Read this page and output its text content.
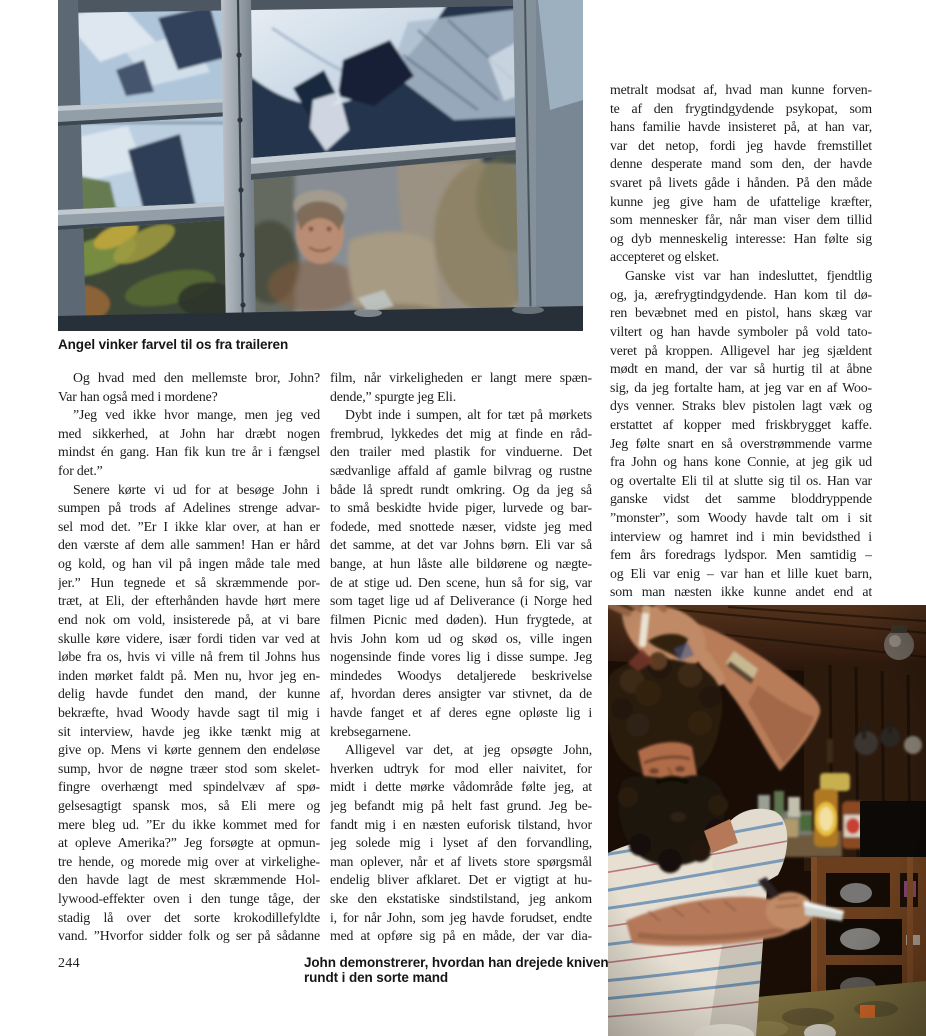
Angel vinker farvel til os fra traileren
Og hvad med den mellemste bror, John?
Var han også med i mordene?
”Jeg ved ikke hvor mange, men jeg ved
med sikkerhed, at John har dræbt nogen
mindst én gang. Han fik kun tre år i fængsel
for det.”
Senere kørte vi ud for at besøge John i
sumpen på trods af Adelines strenge advar-
sel mod det. ”Er I ikke klar over, at han er
den værste af dem alle sammen! Han er hård
og kold, og han vil på ingen måde tale med
jer.” Hun tegnede et så skræmmende por-
træt, at Eli, der efterhånden havde hørt mere
end nok om vold, insisterede på, at vi bare
skulle køre videre, især fordi tiden var ved at
løbe fra os, hvis vi ville nå frem til Johns hus
inden mørket faldt på. Men nu, hvor jeg en-
delig havde fundet den mand, der kunne
bekræfte, hvad Woody havde sagt til mig i
sit interview, havde jeg ikke tænkt mig at
give op. Mens vi kørte gennem den endeløse
sump, hvor de nøgne træer stod som skelet-
fingre overhængt med spindelvæv af spø-
gelsesagtigt spansk mos, så Eli mere og
mere bleg ud. ”Er du ikke kommet med for
at opleve Amerika?” Jeg forsøgte at opmun-
tre hende, og morede mig over at virkelighe-
den havde lagt de mest skræmmende Hol-
lywood-effekter oven i den tunge tåge, der
stadig lå over det sorte krokodillefyldte
vand. ”Hvorfor sidder folk og ser på sådanne
film, når virkeligheden er langt mere spæn-
dende,” spurgte jeg Eli.
Dybt inde i sumpen, alt for tæt på mørkets
frembrud, lykkedes det mig at finde en råd-
den trailer med plastik for vinduerne. Det
sædvanlige affald af gamle bilvrag og rustne
både lå spredt rundt omkring. Og da jeg så
to små beskidte hvide piger, lurvede og bar-
fodede, med snottede næser, vidste jeg med
det samme, at det var Johns børn. Eli var så
bange, at hun låste alle bildørene og nægte-
de at stige ud. Den scene, hun så for sig, var
som taget lige ud af Deliverance (i Norge hed
filmen Picnic med døden). Hun frygtede, at
hvis John kom ud og skød os, ville ingen
nogensinde finde vores lig i disse sumpe. Jeg
mindedes Woodys detaljerede beskrivelse
af, hvordan deres ansigter var stivnet, da de
havde fanget et af deres egne opløste lig i
krebsegarnene.
Alligevel var det, at jeg opsøgte John,
hverken udtryk for mod eller naivitet, for
midt i dette mørke vådområde følte jeg, at
jeg befandt mig på helt fast grund. Jeg be-
fandt mig i en næsten euforisk tilstand, hvor
jeg solede mig i lyset af den forvandling,
man oplever, når et af livets store spørgsmål
endelig bliver afklaret. Det er vigtigt at hu-
ske den ekstatiske sindstilstand, jeg ankom
i, for når John, som jeg havde forudset, endte
med at opføre sig på en måde, der var dia-
metralt modsat af, hvad man kunne forven-
te af den frygtindgydende psykopat, som
hans familie havde insisteret på, at han var,
var det netop, fordi jeg havde fremstillet
denne desperate mand som den, der havde
svaret på livets gåde i hånden. På den måde
kunne jeg give ham de ufattelige kræfter,
som mennesker får, når man viser dem tillid
og dyb menneskelig interesse: Han følte sig
accepteret og elsket.
Ganske vist var han indesluttet, fjendtlig
og, ja, ærefrygtindgydende. Han kom til dø-
ren bevæbnet med en pistol, hans skæg var
viltert og han havde symboler på vold tato-
veret på kroppen. Alligevel har jeg sjældent
mødt en mand, der var så hurtig til at åbne
sig, da jeg fortalte ham, at jeg var en af Woo-
dys venner. Straks blev pistolen lagt væk og
erstattet af kopper med friskbrygget kaffe.
Jeg følte snart en så overstrømmende varme
fra John og hans kone Connie, at jeg gik ud
og overtalte Eli til at slutte sig til os. Han var
ganske vidst det samme bloddryppende
”monster”, som Woody havde talt om i sit
interview og hamret ind i min bevidsthed i
fem års foredrags lydspor. Men samtidig –
og Eli var enig – var han et lille kuet barn,
som man næsten ikke kunne andet end at
John demonstrerer, hvordan han drejede kniven
rundt i den sorte mand
244
